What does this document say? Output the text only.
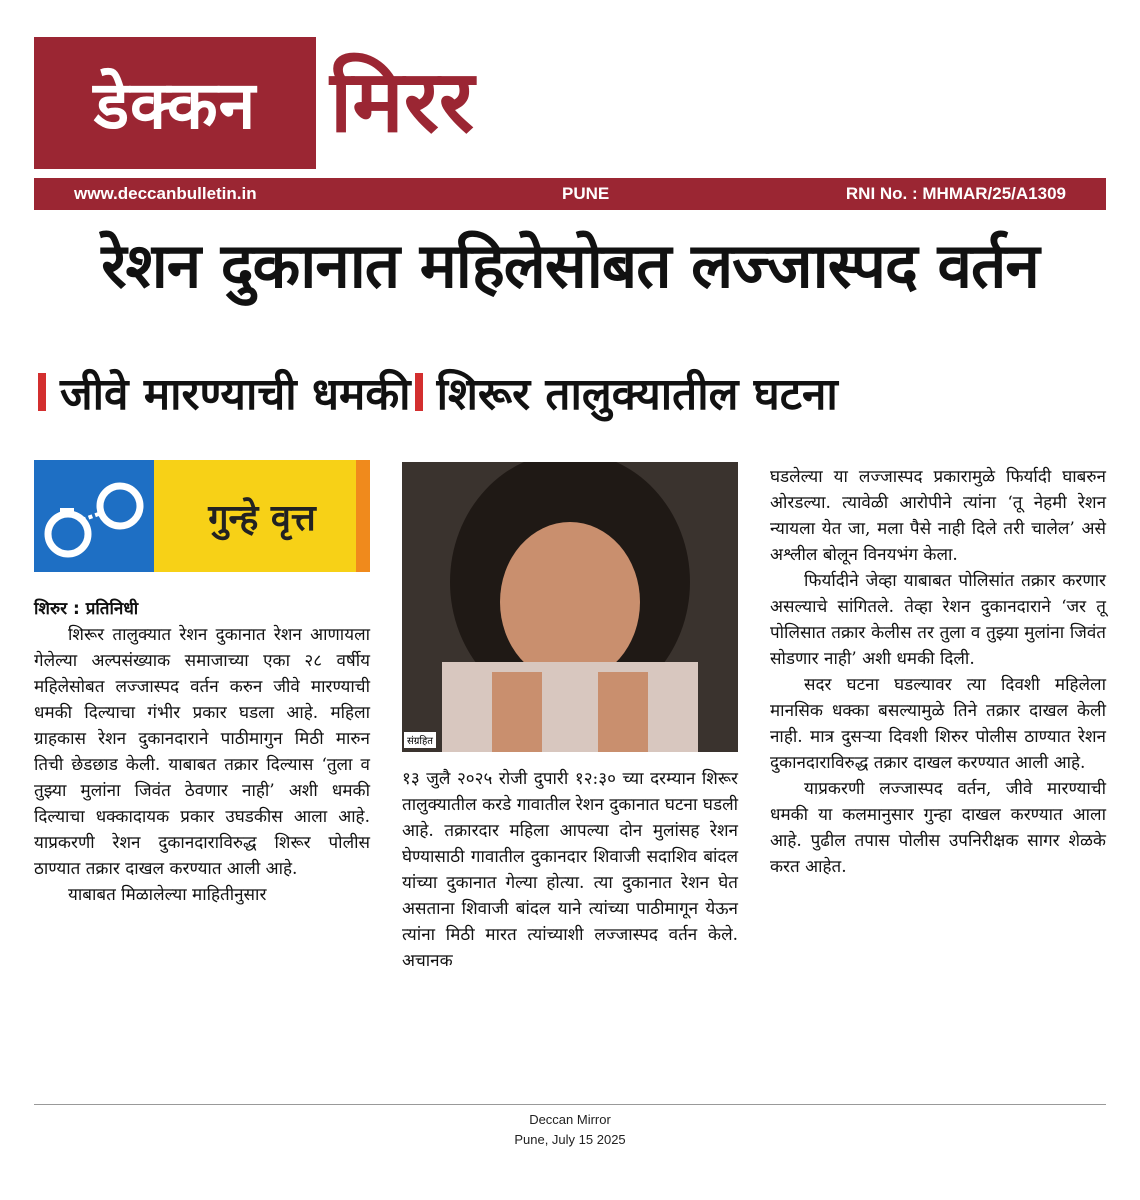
डेक्कन मिरर
www.deccanbulletin.in	PUNE	RNI No. : MHMAR/25/A1309
रेशन दुकानात महिलेसोबत लज्जास्पद वर्तन
जीवे मारण्याची धमकी शिरूर तालुक्यातील घटना
गुन्हे वृत्त

शिरुर : प्रतिनिधी

शिरूर तालुक्यात रेशन दुकानात रेशन आणायला गेलेल्या अल्पसंख्याक समाजाच्या एका २८ वर्षीय महिलेसोबत लज्जास्पद वर्तन करुन जीवे मारण्याची धमकी दिल्याचा गंभीर प्रकार घडला आहे. महिला ग्राहकास रेशन दुकानदाराने पाठीमागुन मिठी मारुन तिची छेडछाड केली. याबाबत तक्रार दिल्यास ‘तुला व तुझ्या मुलांना जिवंत ठेवणार नाही’ अशी धमकी दिल्याचा धक्कादायक प्रकार उघडकीस आला आहे. याप्रकरणी रेशन दुकानदाराविरुद्ध शिरूर पोलीस ठाण्यात तक्रार दाखल करण्यात आली आहे.

याबाबत मिळालेल्या माहितीनुसार

संग्रहित

१३ जुलै २०२५ रोजी दुपारी १२:३० च्या दरम्यान शिरूर तालुक्यातील करडे गावातील रेशन दुकानात घटना घडली आहे. तक्रारदार महिला आपल्या दोन मुलांसह रेशन घेण्यासाठी गावातील दुकानदार शिवाजी सदाशिव बांदल यांच्या दुकानात गेल्या होत्या. त्या दुकानात रेशन घेत असताना शिवाजी बांदल याने त्यांच्या पाठीमागून येऊन त्यांना मिठी मारत त्यांच्याशी लज्जास्पद वर्तन केले. अचानक

घडलेल्या या लज्जास्पद प्रकारामुळे फिर्यादी घाबरुन ओरडल्या. त्यावेळी आरोपीने त्यांना ‘तू नेहमी रेशन न्यायला येत जा, मला पैसे नाही दिले तरी चालेल’ असे अश्लील बोलून विनयभंग केला.

फिर्यादीने जेव्हा याबाबत पोलिसांत तक्रार करणार असल्याचे सांगितले. तेव्हा रेशन दुकानदाराने ‘जर तू पोलिसात तक्रार केलीस तर तुला व तुझ्या मुलांना जिवंत सोडणार नाही’ अशी धमकी दिली.

सदर घटना घडल्यावर त्या दिवशी महिलेला मानसिक धक्का बसल्यामुळे तिने तक्रार दाखल केली नाही. मात्र दुसऱ्या दिवशी शिरुर पोलीस ठाण्यात रेशन दुकानदाराविरुद्ध तक्रार दाखल करण्यात आली आहे.

याप्रकरणी लज्जास्पद वर्तन, जीवे मारण्याची धमकी या कलमानुसार गुन्हा दाखल करण्यात आला आहे. पुढील तपास पोलीस उपनिरीक्षक सागर शेळके करत आहेत.

Deccan Mirror
Pune, July 15 2025
